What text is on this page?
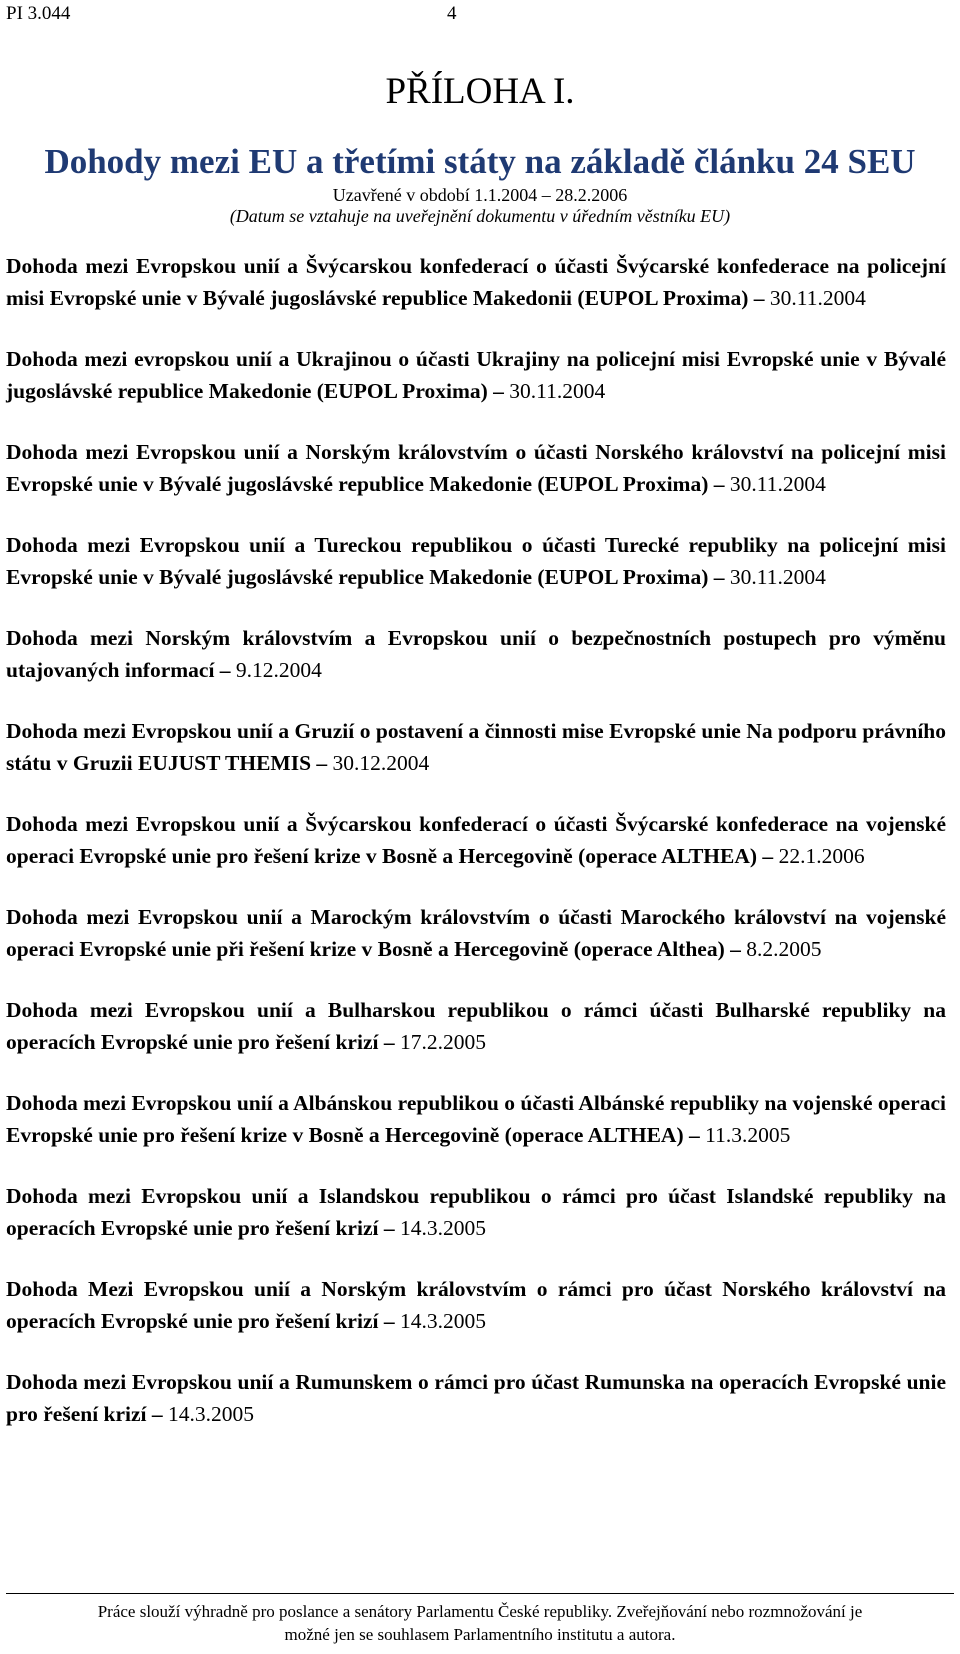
PI 3.044	4
PŘÍLOHA I.
Dohody mezi EU a třetími státy na základě článku 24 SEU
Uzavřené v období 1.1.2004 – 28.2.2006
(Datum se vztahuje na uveřejnění dokumentu v úředním věstníku EU)

Dohoda mezi Evropskou unií a Švýcarskou konfederací o účasti Švýcarské konfederace na policejní misi Evropské unie v Bývalé jugoslávské republice Makedonii (EUPOL Proxima) – 30.11.2004

Dohoda mezi evropskou unií a Ukrajinou o účasti Ukrajiny na policejní misi Evropské unie v Bývalé jugoslávské republice Makedonie (EUPOL Proxima) – 30.11.2004

Dohoda mezi Evropskou unií a Norským královstvím o účasti Norského království na policejní misi Evropské unie v Bývalé jugoslávské republice Makedonie (EUPOL Proxima) – 30.11.2004

Dohoda mezi Evropskou unií a Tureckou republikou o účasti Turecké republiky na policejní misi Evropské unie v Bývalé jugoslávské republice Makedonie (EUPOL Proxima) – 30.11.2004

Dohoda mezi Norským královstvím a Evropskou unií o bezpečnostních postupech pro výměnu utajovaných informací – 9.12.2004

Dohoda mezi Evropskou unií a Gruzií o postavení a činnosti mise Evropské unie Na podporu právního státu v Gruzii EUJUST THEMIS – 30.12.2004

Dohoda mezi Evropskou unií a Švýcarskou konfederací o účasti Švýcarské konfederace na vojenské operaci Evropské unie pro řešení krize v Bosně a Hercegovině (operace ALTHEA) – 22.1.2006

Dohoda mezi Evropskou unií a Marockým královstvím o účasti Marockého království na vojenské operaci Evropské unie při řešení krize v Bosně a Hercegovině (operace Althea) – 8.2.2005

Dohoda mezi Evropskou unií a Bulharskou republikou o rámci účasti Bulharské republiky na operacích Evropské unie pro řešení krizí – 17.2.2005

Dohoda mezi Evropskou unií a Albánskou republikou o účasti Albánské republiky na vojenské operaci Evropské unie pro řešení krize v Bosně a Hercegovině (operace ALTHEA) – 11.3.2005

Dohoda mezi Evropskou unií a Islandskou republikou o rámci pro účast Islandské republiky na operacích Evropské unie pro řešení krizí – 14.3.2005

Dohoda Mezi Evropskou unií a Norským královstvím o rámci pro účast Norského království na operacích Evropské unie pro řešení krizí – 14.3.2005

Dohoda mezi Evropskou unií a Rumunskem o rámci pro účast Rumunska na operacích Evropské unie pro řešení krizí – 14.3.2005

Práce slouží výhradně pro poslance a senátory Parlamentu České republiky. Zveřejňování nebo rozmnožování je
možné jen se souhlasem Parlamentního institutu a autora.
